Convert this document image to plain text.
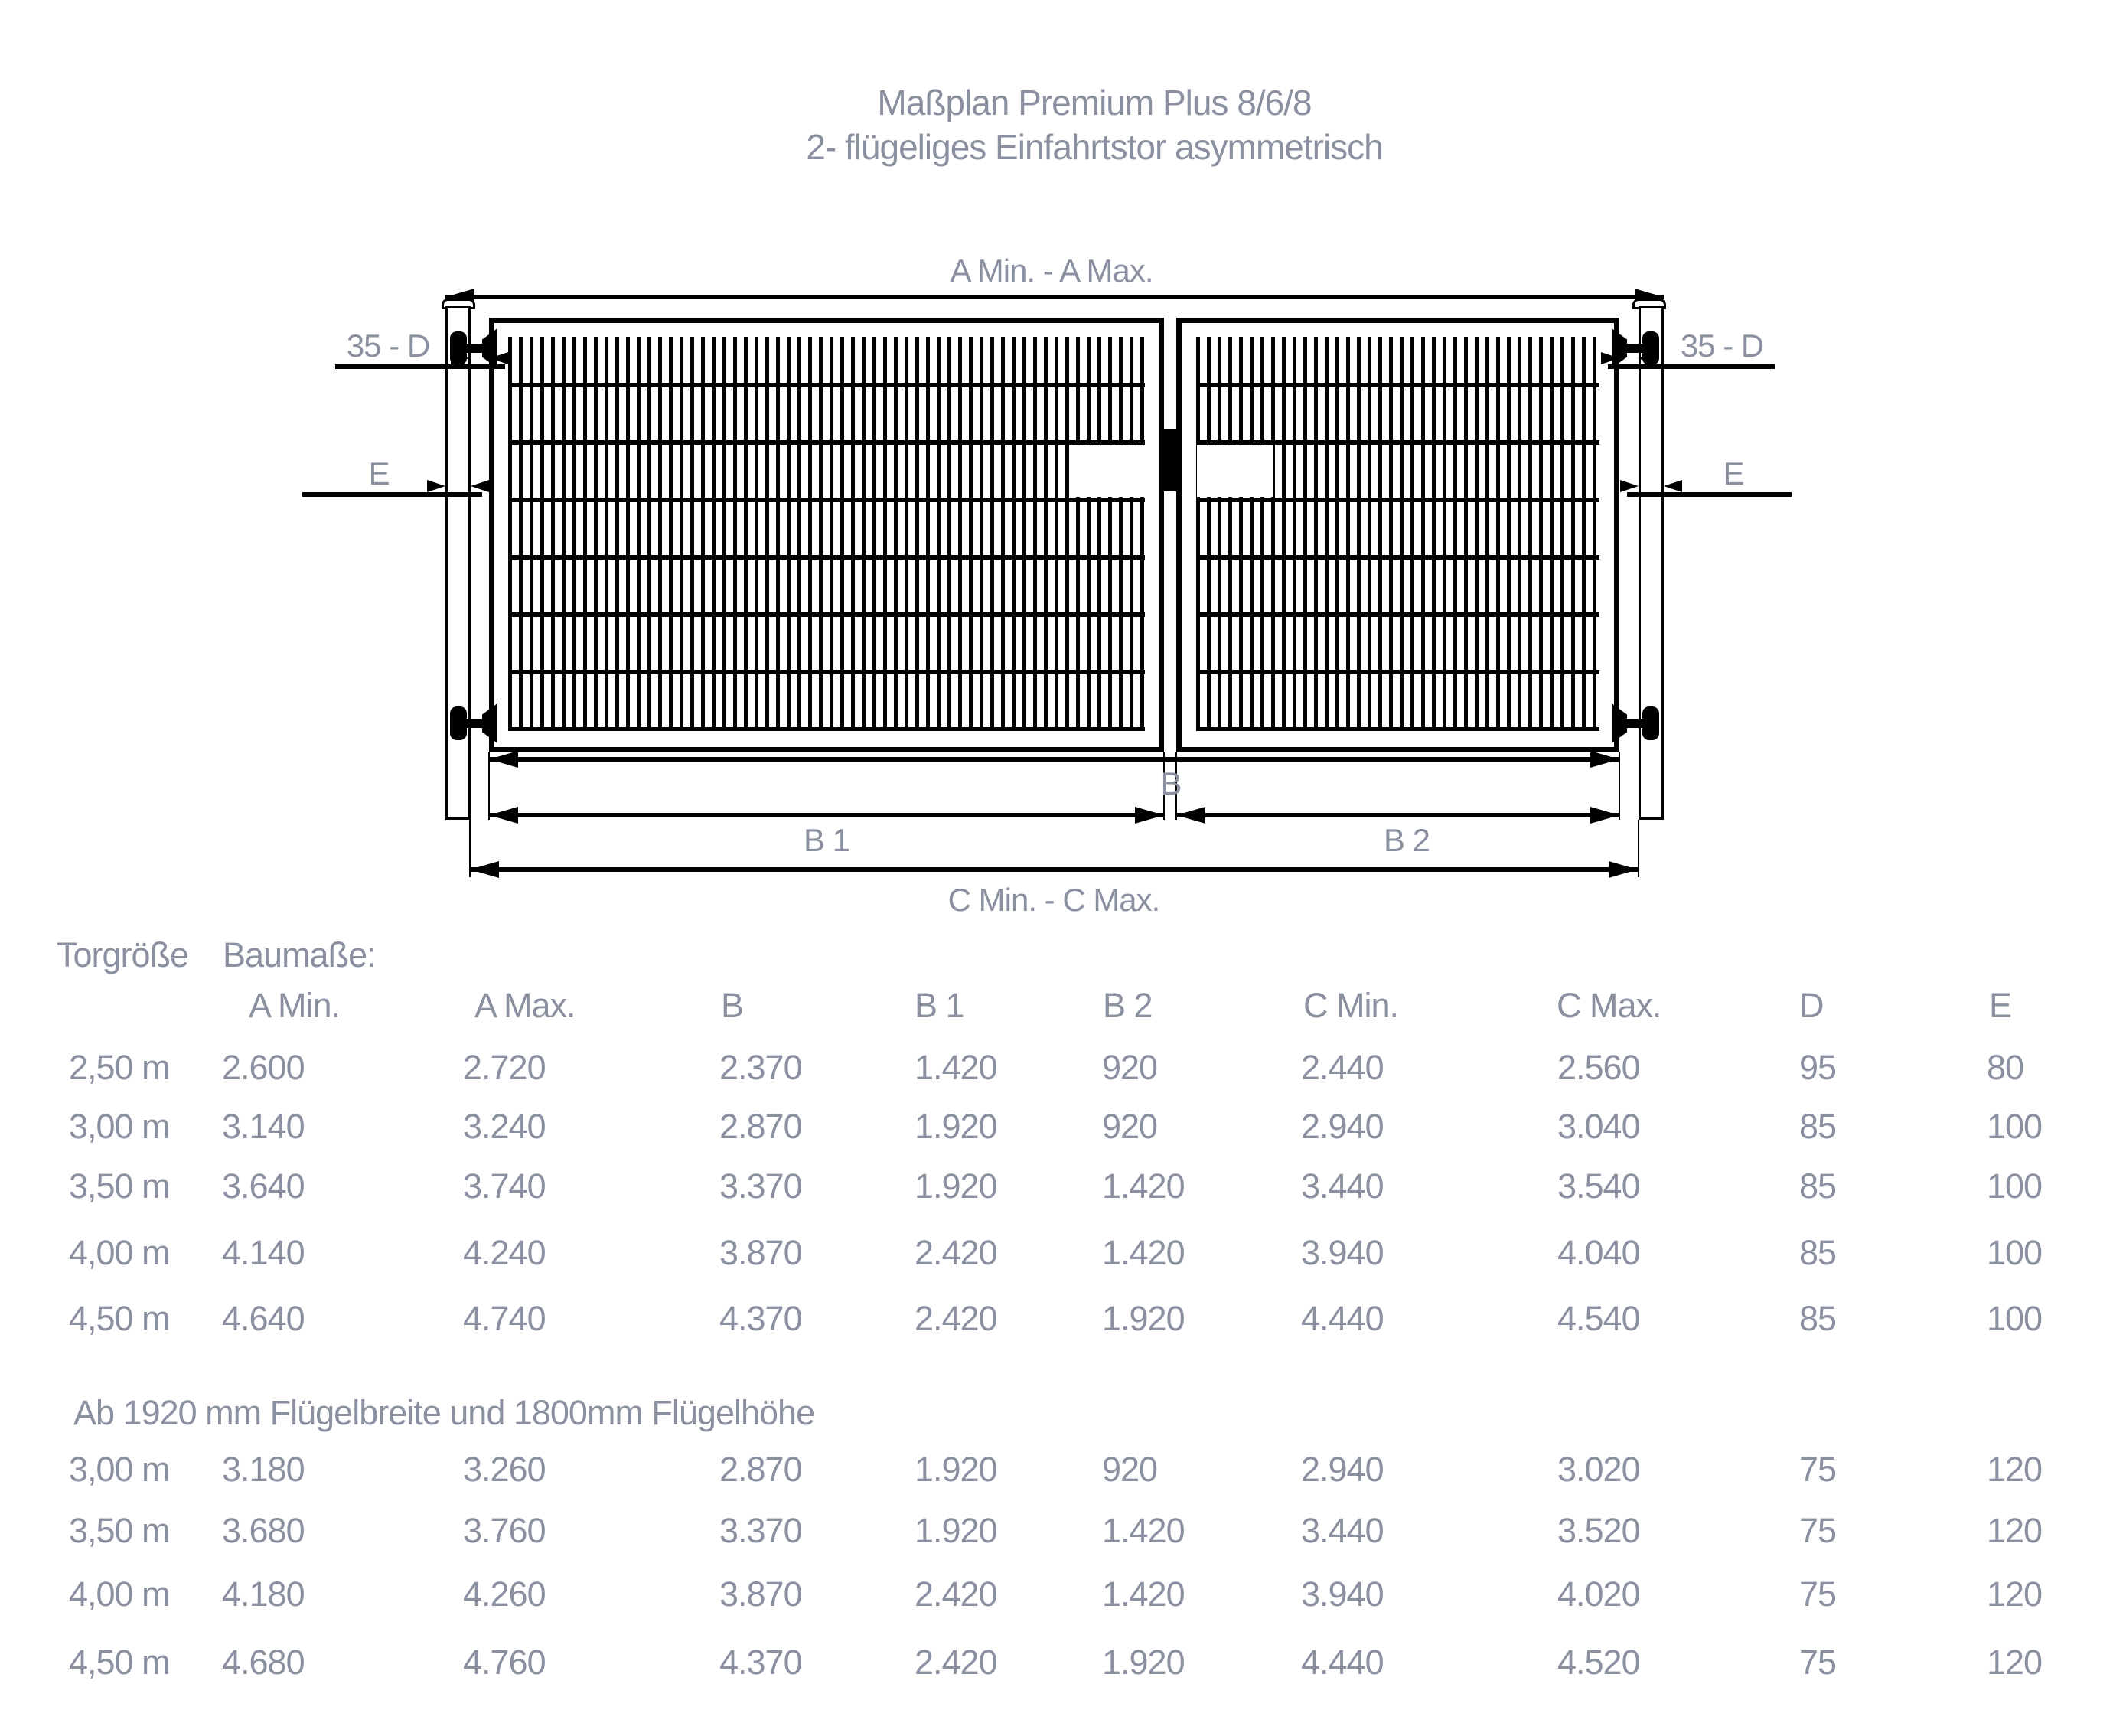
Maßplan Premium Plus 8/6/8
2- flügeliges Einfahrtstor asymmetrisch
A Min. - A Max.
35 - D	35 - D
E	E
B
B 1	B 2
C Min. - C Max.
Torgröße Baumaße:
A Min.	A Max.	B	B 1	B 2	C Min.	C Max.	D	E
Ab 1920 mm Flügelbreite und 1800mm Flügelhöhe
2,50 m 2.600	2.720	2.370	1.420	920	2.440	2.560	95	80
3,00 m 3.140	3.240	2.870	1.920	920	2.940	3.040	85	100
3,50 m 3.640	3.740	3.370	1.920	1.420	3.440	3.540	85	100
4,00 m 4.140	4.240	3.870	2.420	1.420	3.940	4.040	85	100
4,50 m 4.640	4.740	4.370	2.420	1.920	4.440	4.540	85	100
3,00 m 3.180	3.260	2.870	1.920	920	2.940	3.020	75	120
3,50 m 3.680	3.760	3.370	1.920	1.420	3.440	3.520	75	120
4,00 m 4.180	4.260	3.870	2.420	1.420	3.940	4.020	75	120
4,50 m 4.680	4.760	4.370	2.420	1.920	4.440	4.520	75	120
